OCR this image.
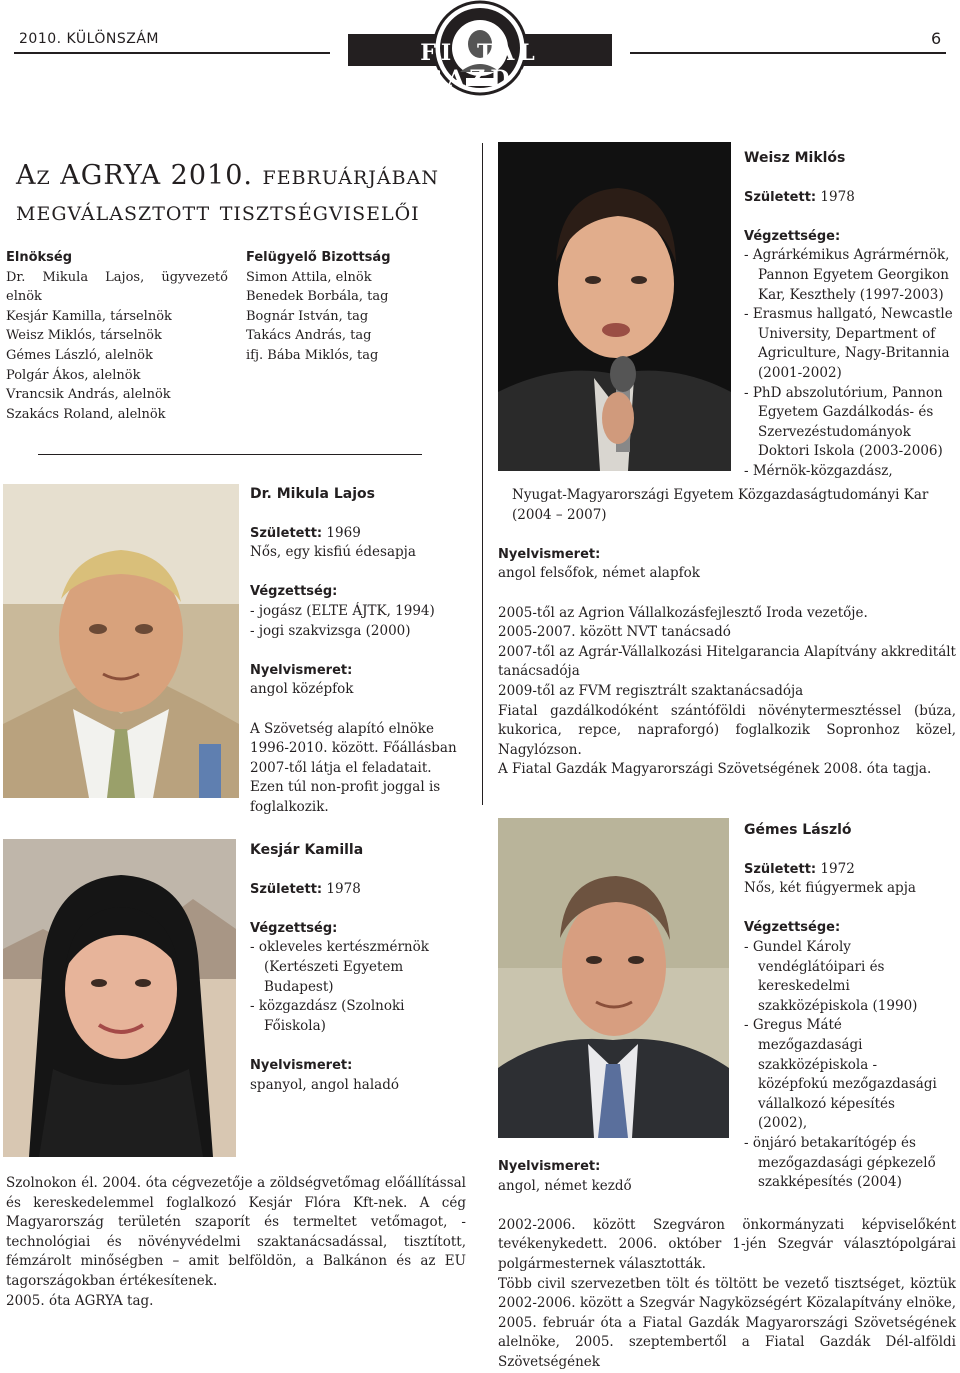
2010. KÜLÖNSZÁM	6
FIATAL GAZDA
Az AGRYA 2010. februárjában
megválasztott tisztségviselői
Elnökség
Dr. Mikula Lajos, ügyvezető elnök
Kesjár Kamilla, társelnök
Weisz Miklós, társelnök
Gémes László, alelnök
Polgár Ákos, alelnök
Vrancsik András, alelnök
Szakács Roland, alelnök
Felügyelő Bizottság
Simon Attila, elnök
Benedek Borbála, tag
Bognár István, tag
Takács András, tag
ifj. Bába Miklós, tag
Dr. Mikula Lajos
Született: 1969
Nős, egy kisfiú édesapja
Végzettség:
- jogász (ELTE ÁJTK, 1994)
- jogi szakvizsga (2000)
Nyelvismeret:
angol középfok
A Szövetség alapító elnöke 1996-2010. között. Főállásban 2007-től látja el feladatait. Ezen túl non-profit joggal is foglalkozik.
Weisz Miklós
Született: 1978
Végzettsége:
- Agrárkémikus Agrármérnök, Pannon Egyetem Georgikon Kar, Keszthely (1997-2003)
- Erasmus hallgató, Newcastle University, Department of Agriculture, Nagy-Britannia (2001-2002)
- PhD abszolutórium, Pannon Egyetem Gazdálkodás- és Szervezéstudományok Doktori Iskola (2003-2006)
- Mérnök-közgazdász,
Nyugat-Magyarországi Egyetem Közgazdaságtudományi Kar (2004 – 2007)
Nyelvismeret:
angol felsőfok, német alapfok
2005-től az Agrion Vállalkozásfejlesztő Iroda vezetője.
2005-2007. között NVT tanácsadó
2007-től az Agrár-Vállalkozási Hitelgarancia Alapítvány akkreditált tanácsadója
2009-től az FVM regisztrált szaktanácsadója
Fiatal gazdálkodóként szántóföldi növénytermesztéssel (búza, kukorica, repce, napraforgó) foglalkozik Sopronhoz közel, Nagylózson.
A Fiatal Gazdák Magyarországi Szövetségének 2008. óta tagja.
Kesjár Kamilla
Született: 1978
Végzettség:
- okleveles kertészmérnök (Kertészeti Egyetem Budapest)
- közgazdász (Szolnoki Főiskola)
Nyelvismeret:
spanyol, angol haladó
Szolnokon él. 2004. óta cégvezetője a zöldségvetőmag előállítással és kereskedelemmel foglalkozó Kesjár Flóra Kft-nek. A cég Magyarország területén szaporít és termeltet vetőmagot, - technológiai és növényvédelmi szaktanácsadással, tisztított, fémzárolt minőségben – amit belföldön, a Balkánon és az EU tagországokban értékesítenek.
2005. óta AGRYA tag.
Gémes László
Született: 1972
Nős, két fiúgyermek apja
Végzettsége:
- Gundel Károly vendéglátóipari és kereskedelmi szakközépiskola (1990)
- Gregus Máté mezőgazdasági szakközépiskola - középfokú mezőgazdasági vállalkozó képesítés (2002),
- önjáró betakarítógép és mezőgazdasági gépkezelő szakképesítés (2004)
Nyelvismeret:
angol, német kezdő
2002-2006. között Szegváron önkormányzati képviselőként tevékenykedett. 2006. október 1-jén Szegvár választópolgárai polgármesternek választották.
Több civil szervezetben tölt és töltött be vezető tisztséget, köztük 2002-2006. között a Szegvár Nagyközségért Közalapítvány elnöke, 2005. február óta a Fiatal Gazdák Magyarországi Szövetségének alelnöke, 2005. szeptembertől a Fiatal Gazdák Dél-alföldi Szövetségének
